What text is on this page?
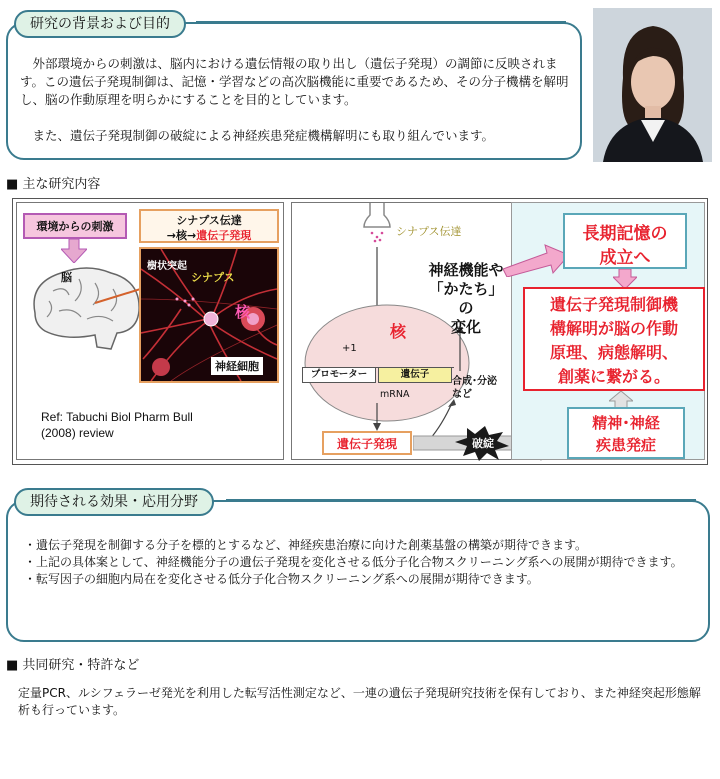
研究の背景および目的
外部環境からの刺激は、脳内における遺伝情報の取り出し（遺伝子発現）の調節に反映されます。この遺伝子発現制御は、記憶・学習などの高次脳機能に重要であるため、その分子機構を解明し、脳の作動原理を明らかにすることを目的としています。
また、遺伝子発現制御の破綻による神経疾患発症機構解明にも取り組んでいます。
■ 主な研究内容
環境からの刺激
脳
シナプス伝達
→核→遺伝子発現
樹状突起
シナプス
核
神経細胞
Ref: Tabuchi Biol Pharm Bull
(2008) review
シナプス伝達
核
+1
プロモーター	遺伝子
mRNA
遺伝子発現
神経機能や
「かたち」
の
変化
合成･分泌
など
破綻
長期記憶の
成立へ
遺伝子発現制御機
構解明が脳の作動
原理、病態解明、
創薬に繋がる。
精神･神経
疾患発症
期待される効果・応用分野
・遺伝子発現を制御する分子を標的とするなど、神経疾患治療に向けた創薬基盤の構築が期待できます。
・上記の具体案として、神経機能分子の遺伝子発現を変化させる低分子化合物スクリーニング系への展開が期待できます。
・転写因子の細胞内局在を変化させる低分子化合物スクリーニング系への展開が期待できます。
■ 共同研究・特許など
定量PCR、ルシフェラーゼ発光を利用した転写活性測定など、一連の遺伝子発現研究技術を保有しており、また神経突起形態解析も行っています。
